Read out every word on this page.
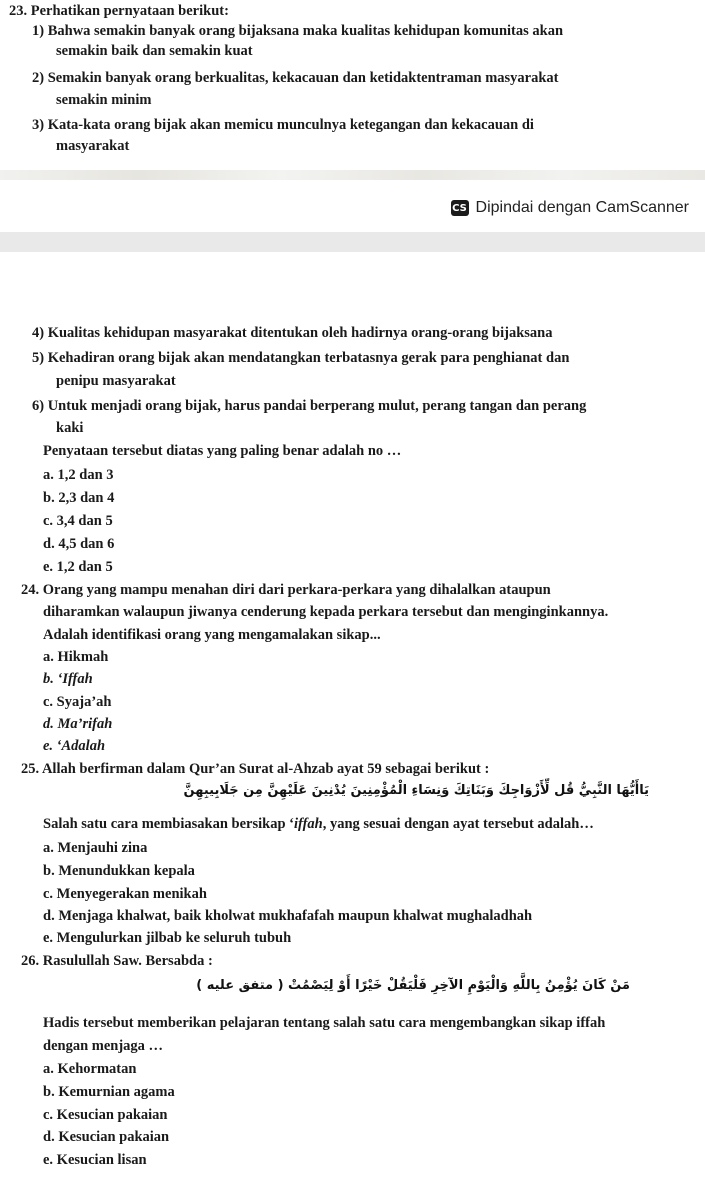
23. Perhatikan pernyataan berikut:
1) Bahwa semakin banyak orang bijaksana maka kualitas kehidupan komunitas akan
semakin baik dan semakin kuat
2) Semakin banyak orang berkualitas, kekacauan dan ketidaktentraman masyarakat
semakin minim
3) Kata-kata orang bijak akan memicu munculnya ketegangan dan kekacauan di
masyarakat
CS Dipindai dengan CamScanner
4) Kualitas kehidupan masyarakat ditentukan oleh hadirnya orang-orang bijaksana
5) Kehadiran orang bijak akan mendatangkan terbatasnya gerak para penghianat dan
penipu masyarakat
6) Untuk menjadi orang bijak, harus pandai berperang mulut, perang tangan dan perang
kaki
Penyataan tersebut diatas yang paling benar adalah no …
a. 1,2 dan 3
b. 2,3 dan 4
c. 3,4 dan 5
d. 4,5 dan 6
e. 1,2 dan 5
24. Orang yang mampu menahan diri dari perkara-perkara yang dihalalkan ataupun
diharamkan walaupun jiwanya cenderung kepada perkara tersebut dan menginginkannya.
Adalah identifikasi orang yang mengamalakan sikap...
a. Hikmah
b. ‘Iffah
c. Syaja’ah
d. Ma’rifah
e. ‘Adalah
25. Allah berfirman dalam Qur’an Surat al-Ahzab ayat 59 sebagai berikut :
يَاأَيُّهَا النَّبِيُّ قُل لِّأَزْوَاجِكَ وَبَنَاتِكَ وَنِسَاءِ الْمُؤْمِنِينَ يُدْنِينَ عَلَيْهِنَّ مِن جَلَابِيبِهِنَّ
Salah satu cara membiasakan bersikap ‘iffah, yang sesuai dengan ayat tersebut adalah…
a. Menjauhi zina
b. Menundukkan kepala
c. Menyegerakan menikah
d. Menjaga khalwat, baik kholwat mukhafafah maupun khalwat mughaladhah
e. Mengulurkan jilbab ke seluruh tubuh
26. Rasulullah Saw. Bersabda :
مَنْ كَانَ يُؤْمِنُ بِاللَّهِ وَالْيَوْمِ الآخِرِ فَلْيَقُلْ خَيْرًا أَوْ لِيَصْمُتْ ( متفق عليه )
Hadis tersebut memberikan pelajaran tentang salah satu cara mengembangkan sikap iffah
dengan menjaga …
a. Kehormatan
b. Kemurnian agama
c. Kesucian pakaian
d. Kesucian pakaian
e. Kesucian lisan
